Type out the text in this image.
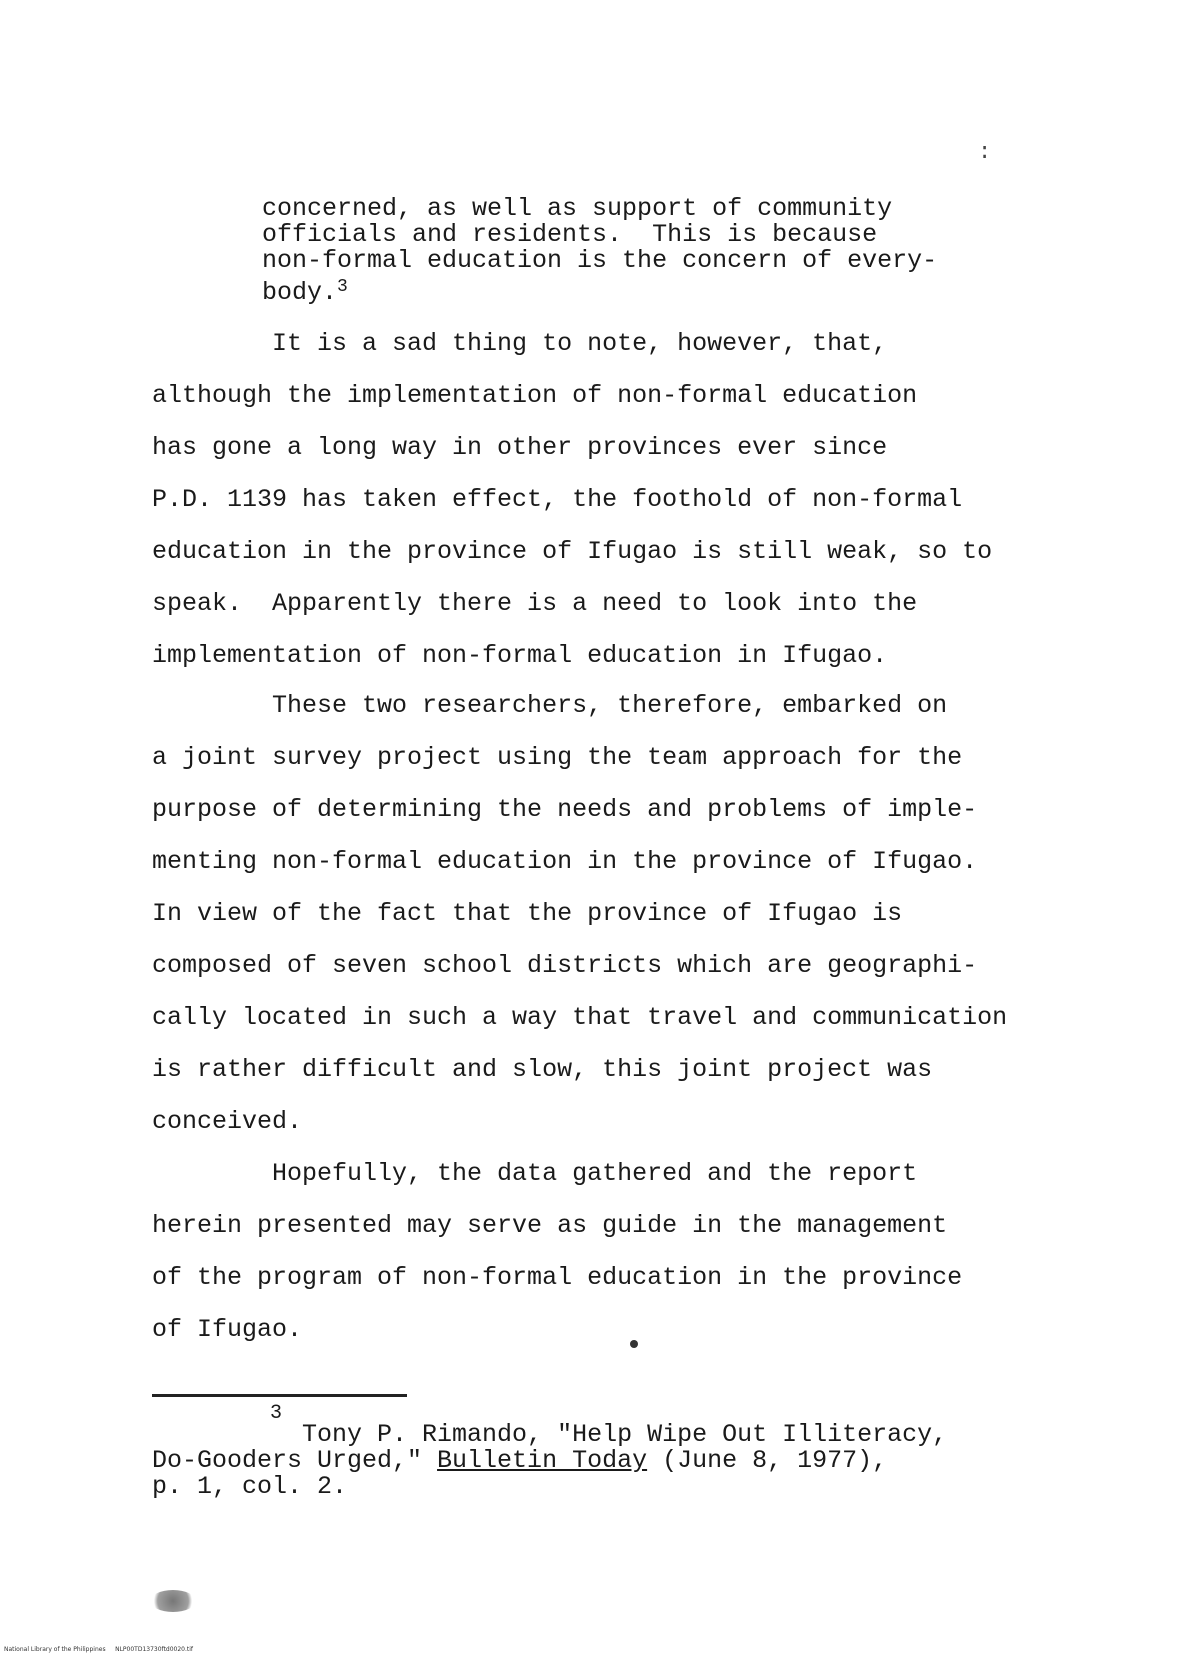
:
concerned, as well as support of community
officials and residents.  This is because
non-formal education is the concern of every-
body.$^3$
It is a sad thing to note, however, that,
although the implementation of non-formal education
has gone a long way in other provinces ever since
P.D. 1139 has taken effect, the foothold of non-formal
education in the province of Ifugao is still weak, so to
speak.  Apparently there is a need to look into the
implementation of non-formal education in Ifugao.
These two researchers, therefore, embarked on
a joint survey project using the team approach for the
purpose of determining the needs and problems of imple-
menting non-formal education in the province of Ifugao.
In view of the fact that the province of Ifugao is
composed of seven school districts which are geographi-
cally located in such a way that travel and communication
is rather difficult and slow, this joint project was
conceived.
Hopefully, the data gathered and the report
herein presented may serve as guide in the management
of the program of non-formal education in the province
of Ifugao.
3
Tony P. Rimando, "Help Wipe Out Illiteracy,
Do-Gooders Urged," Bulletin Today (June 8, 1977),
p. 1, col. 2.
National Library of the Philippines     NLP00TD13730ftd0020.tif
